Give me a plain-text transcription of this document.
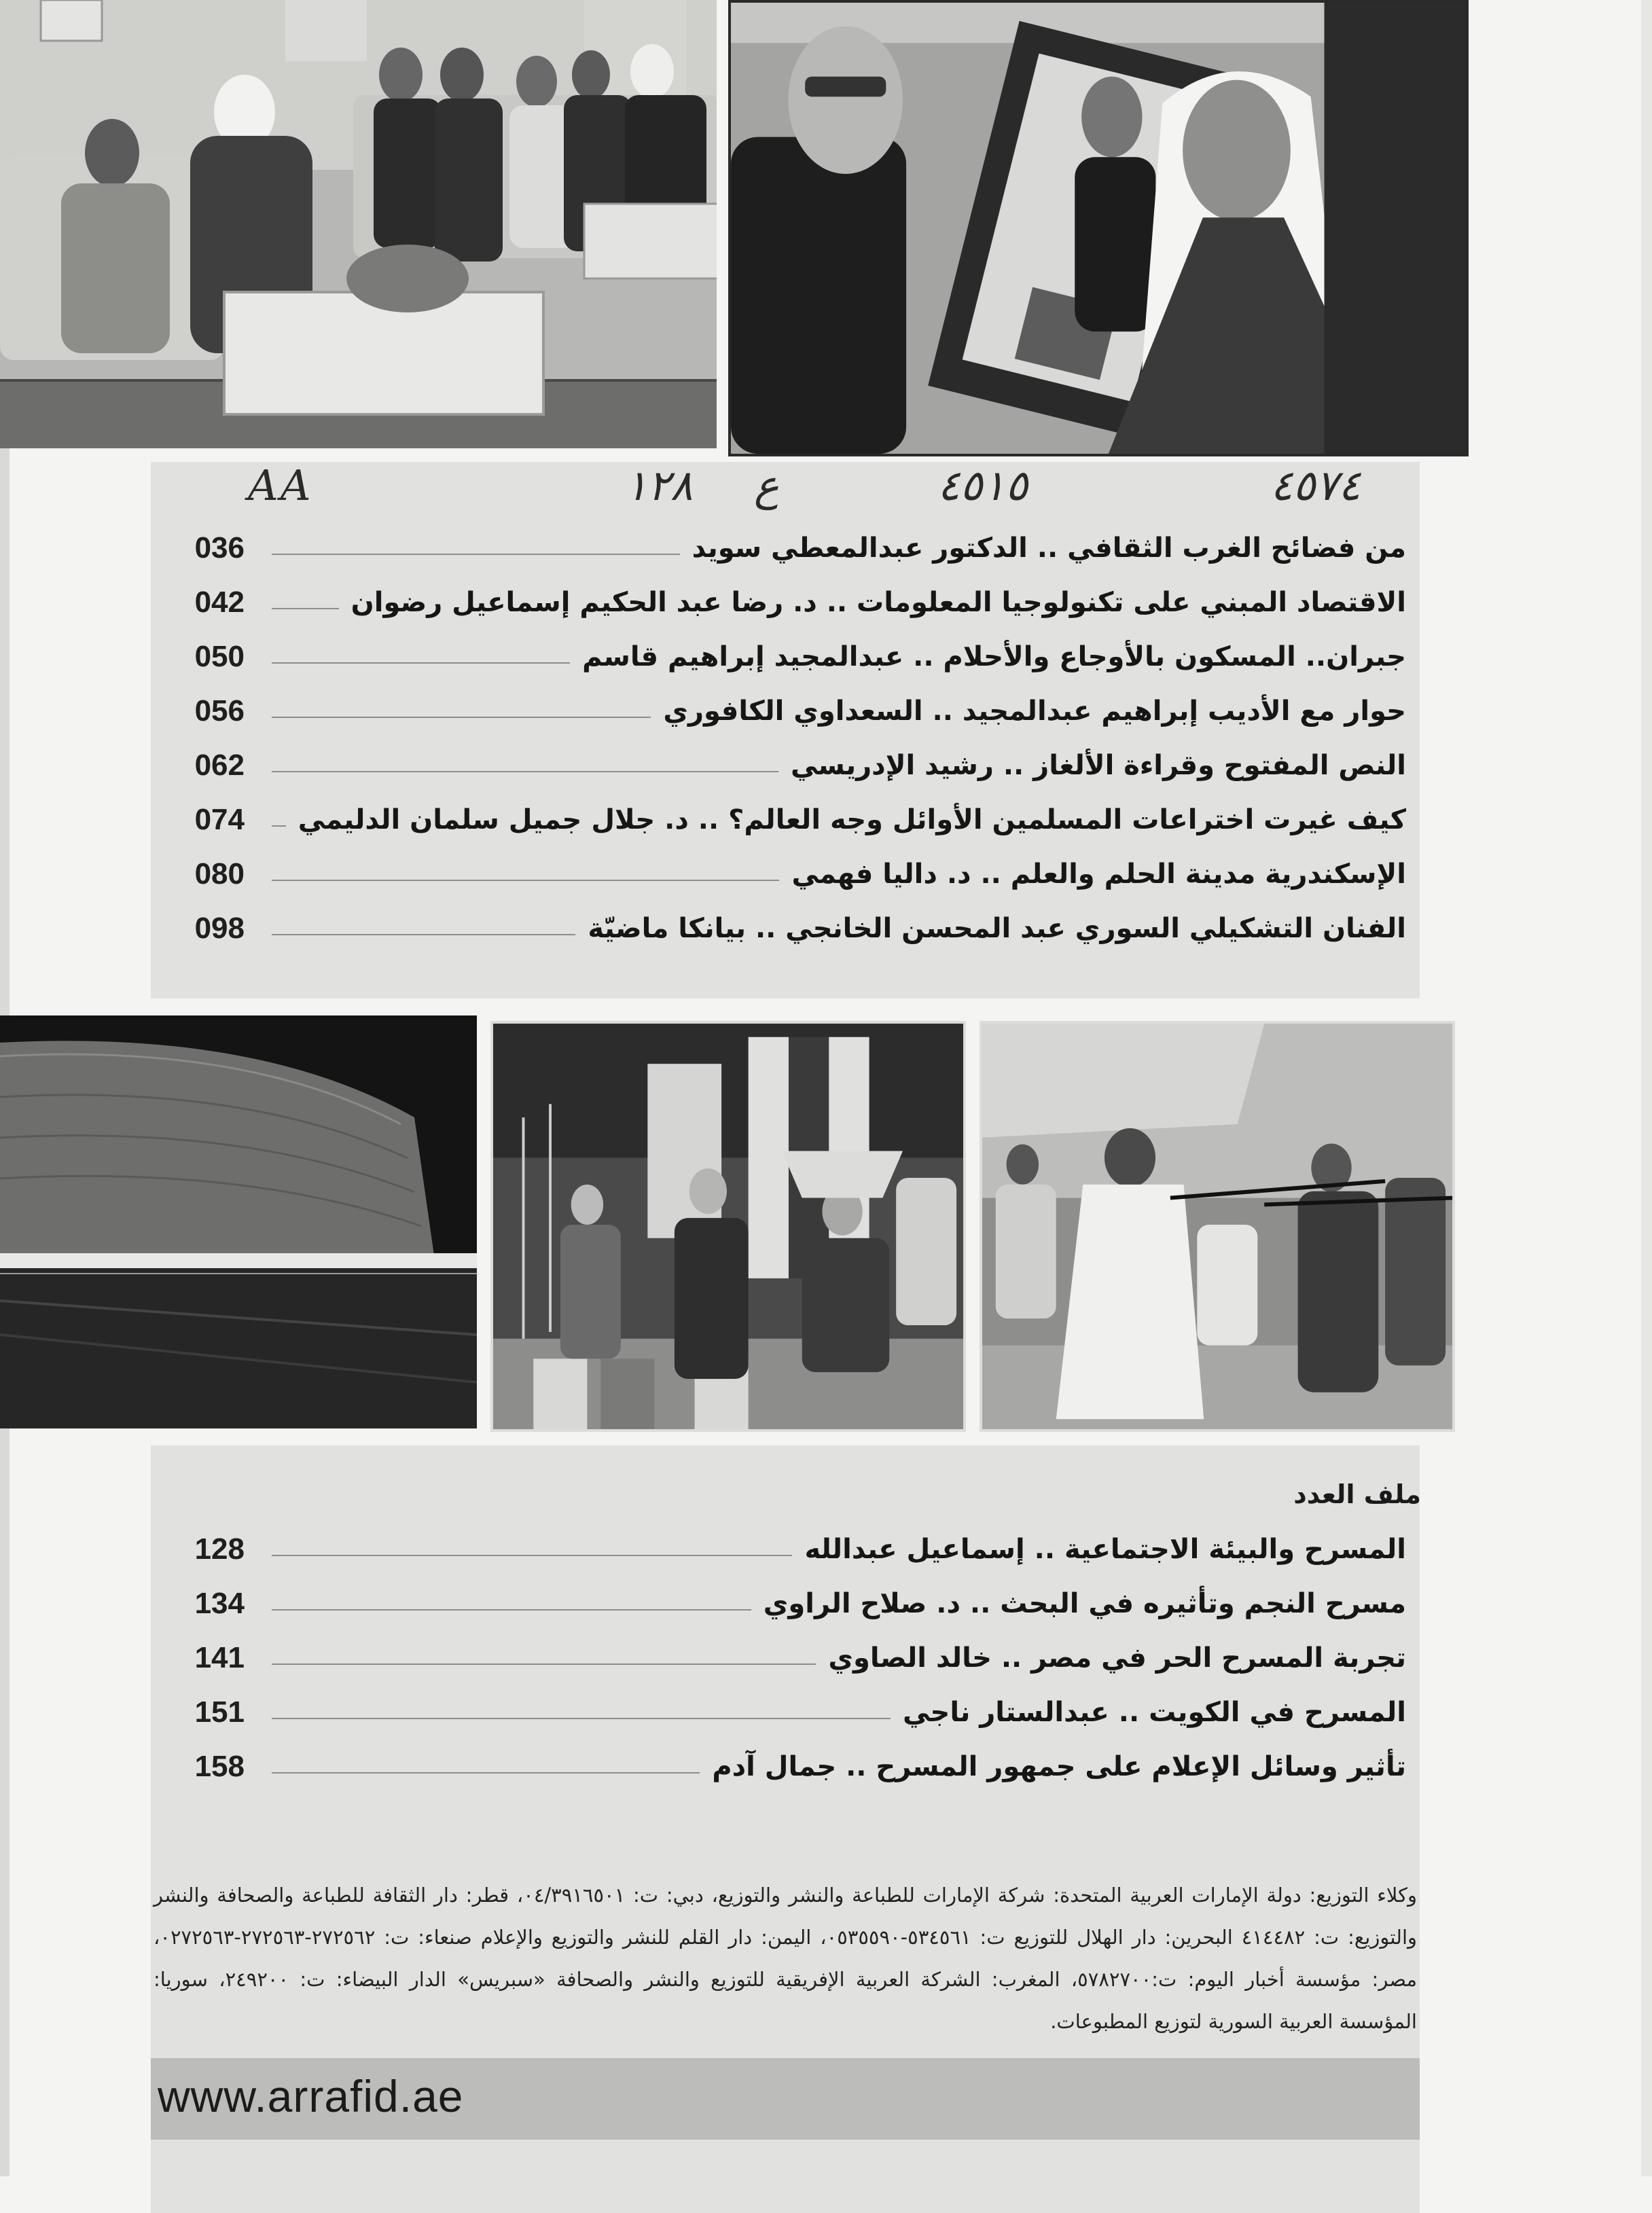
AA	١٢٨ ع	٤٥١٥	٤٥٧٤
036	من فضائح الغرب الثقافي .. الدكتور عبدالمعطي سويد
042	الاقتصاد المبني على تكنولوجيا المعلومات .. د. رضا عبد الحكيم إسماعيل رضوان
050	جبران.. المسكون بالأوجاع والأحلام .. عبدالمجيد إبراهيم قاسم
056	حوار مع الأديب إبراهيم عبدالمجيد .. السعداوي الكافوري
062	النص المفتوح وقراءة الألغاز .. رشيد الإدريسي
074 كيف غيرت اختراعات المسلمين الأوائل وجه العالم؟ .. د. جلال جميل سلمان الدليمي
080	الإسكندرية مدينة الحلم والعلم .. د. داليا فهمي
098	الفنان التشكيلي السوري عبد المحسن الخانجي .. بيانكا ماضيّة
ملف العدد
128	المسرح والبيئة الاجتماعية .. إسماعيل عبدالله
134	مسرح النجم وتأثيره في البحث .. د. صلاح الراوي
141	تجربة المسرح الحر في مصر .. خالد الصاوي
151	المسرح في الكويت .. عبدالستار ناجي
158	تأثير وسائل الإعلام على جمهور المسرح .. جمال آدم

وكلاء التوزيع: دولة الإمارات العربية المتحدة: شركة الإمارات للطباعة والنشر والتوزيع، دبي: ت: ٠٤/٣٩١٦٥٠١، قطر: دار الثقافة للطباعة والصحافة والنشر والتوزيع: ت: ٤١٤٤٨٢ البحرين: دار الهلال للتوزيع ت: ٥٣٤٥٦١-٠٥٣٥٥٩٠، اليمن: دار القلم للنشر والتوزيع والإعلام صنعاء: ت: ٢٧٢٥٦٢-٢٧٢٥٦٣-٠٢٧٢٥٦٣، مصر: مؤسسة أخبار اليوم: ت:٥٧٨٢٧٠٠، المغرب: الشركة العربية الإفريقية للتوزيع والنشر والصحافة «سبريس» الدار البيضاء: ت: ٢٤٩٢٠٠، سوريا: المؤسسة العربية السورية لتوزيع المطبوعات.

www.arrafid.ae
